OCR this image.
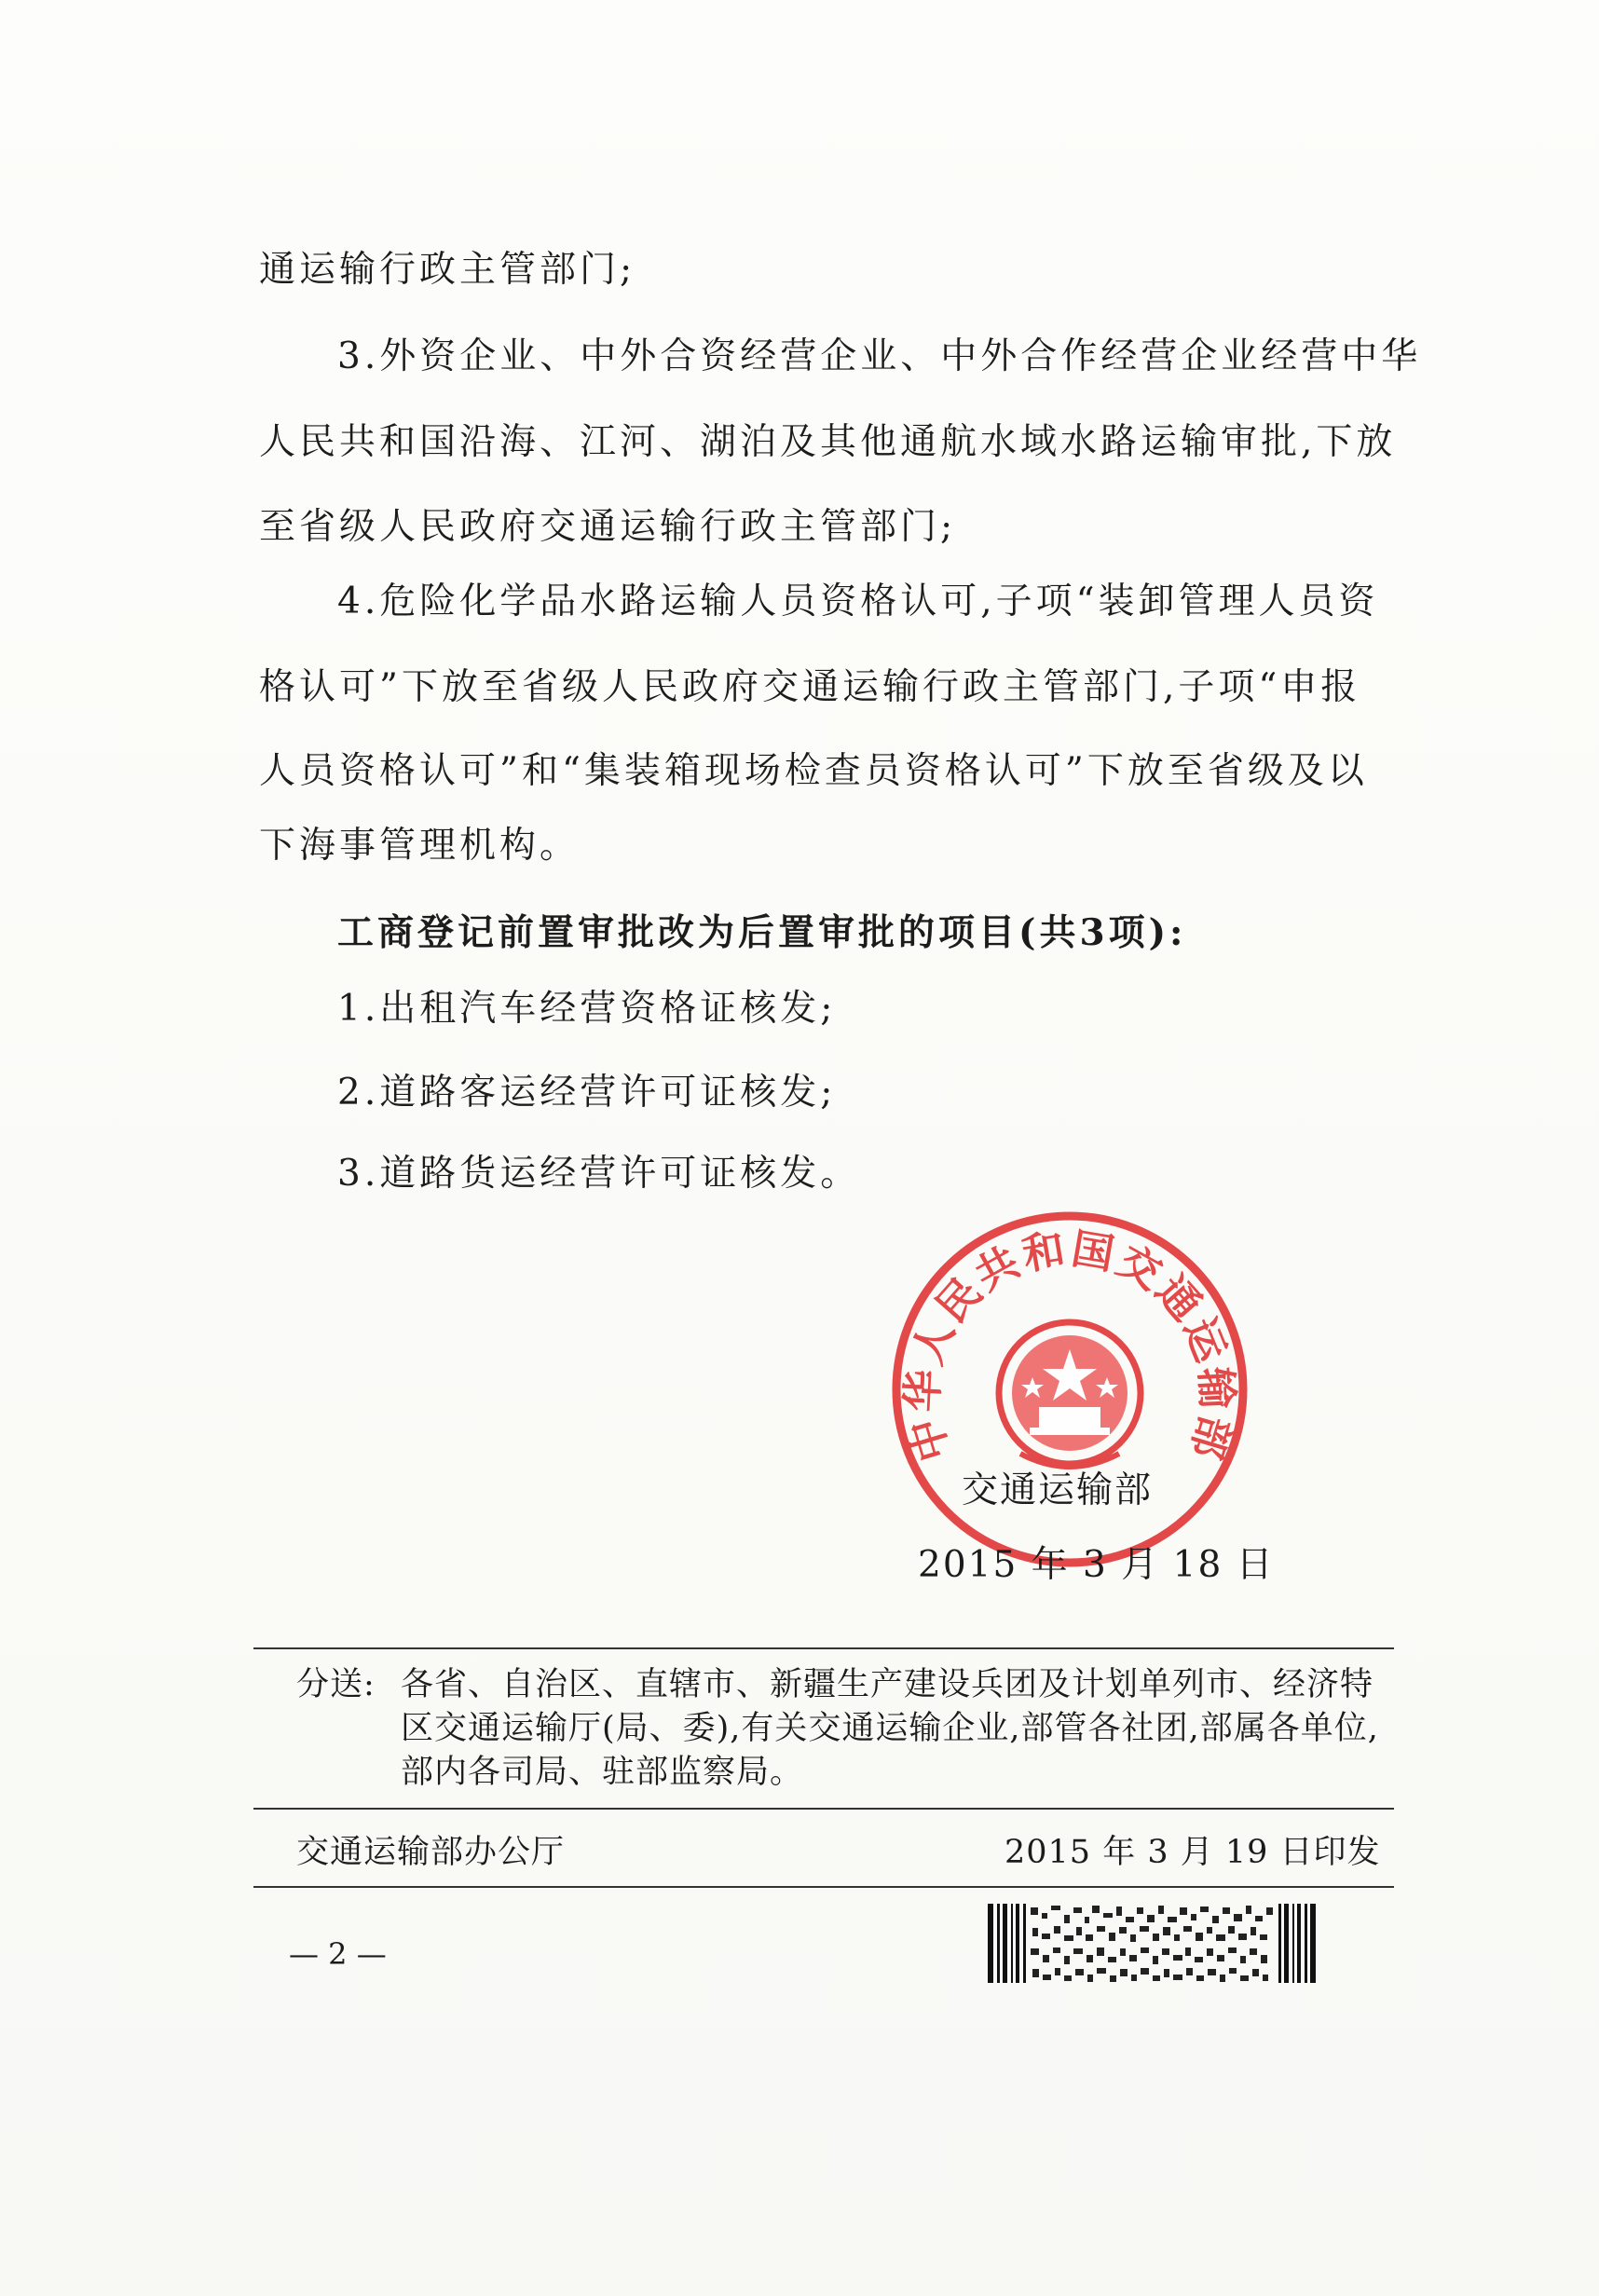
通运输行政主管部门;
3.外资企业、中外合资经营企业、中外合作经营企业经营中华
人民共和国沿海、江河、湖泊及其他通航水域水路运输审批,下放
至省级人民政府交通运输行政主管部门;
4.危险化学品水路运输人员资格认可,子项“装卸管理人员资
格认可”下放至省级人民政府交通运输行政主管部门,子项“申报
人员资格认可”和“集装箱现场检查员资格认可”下放至省级及以
下海事管理机构。
工商登记前置审批改为后置审批的项目(共3项):
1.出租汽车经营资格证核发;
2.道路客运经营许可证核发;
3.道路货运经营许可证核发。
中华人民共和国交通运输部
交通运输部
2015 年 3 月 18 日
分送: 各省、自治区、直辖市、新疆生产建设兵团及计划单列市、经济特区交通运输厅(局、委),有关交通运输企业,部管各社团,部属各单位,部内各司局、驻部监察局。
交通运输部办公厅	2015 年 3 月 19 日印发
— 2 —
